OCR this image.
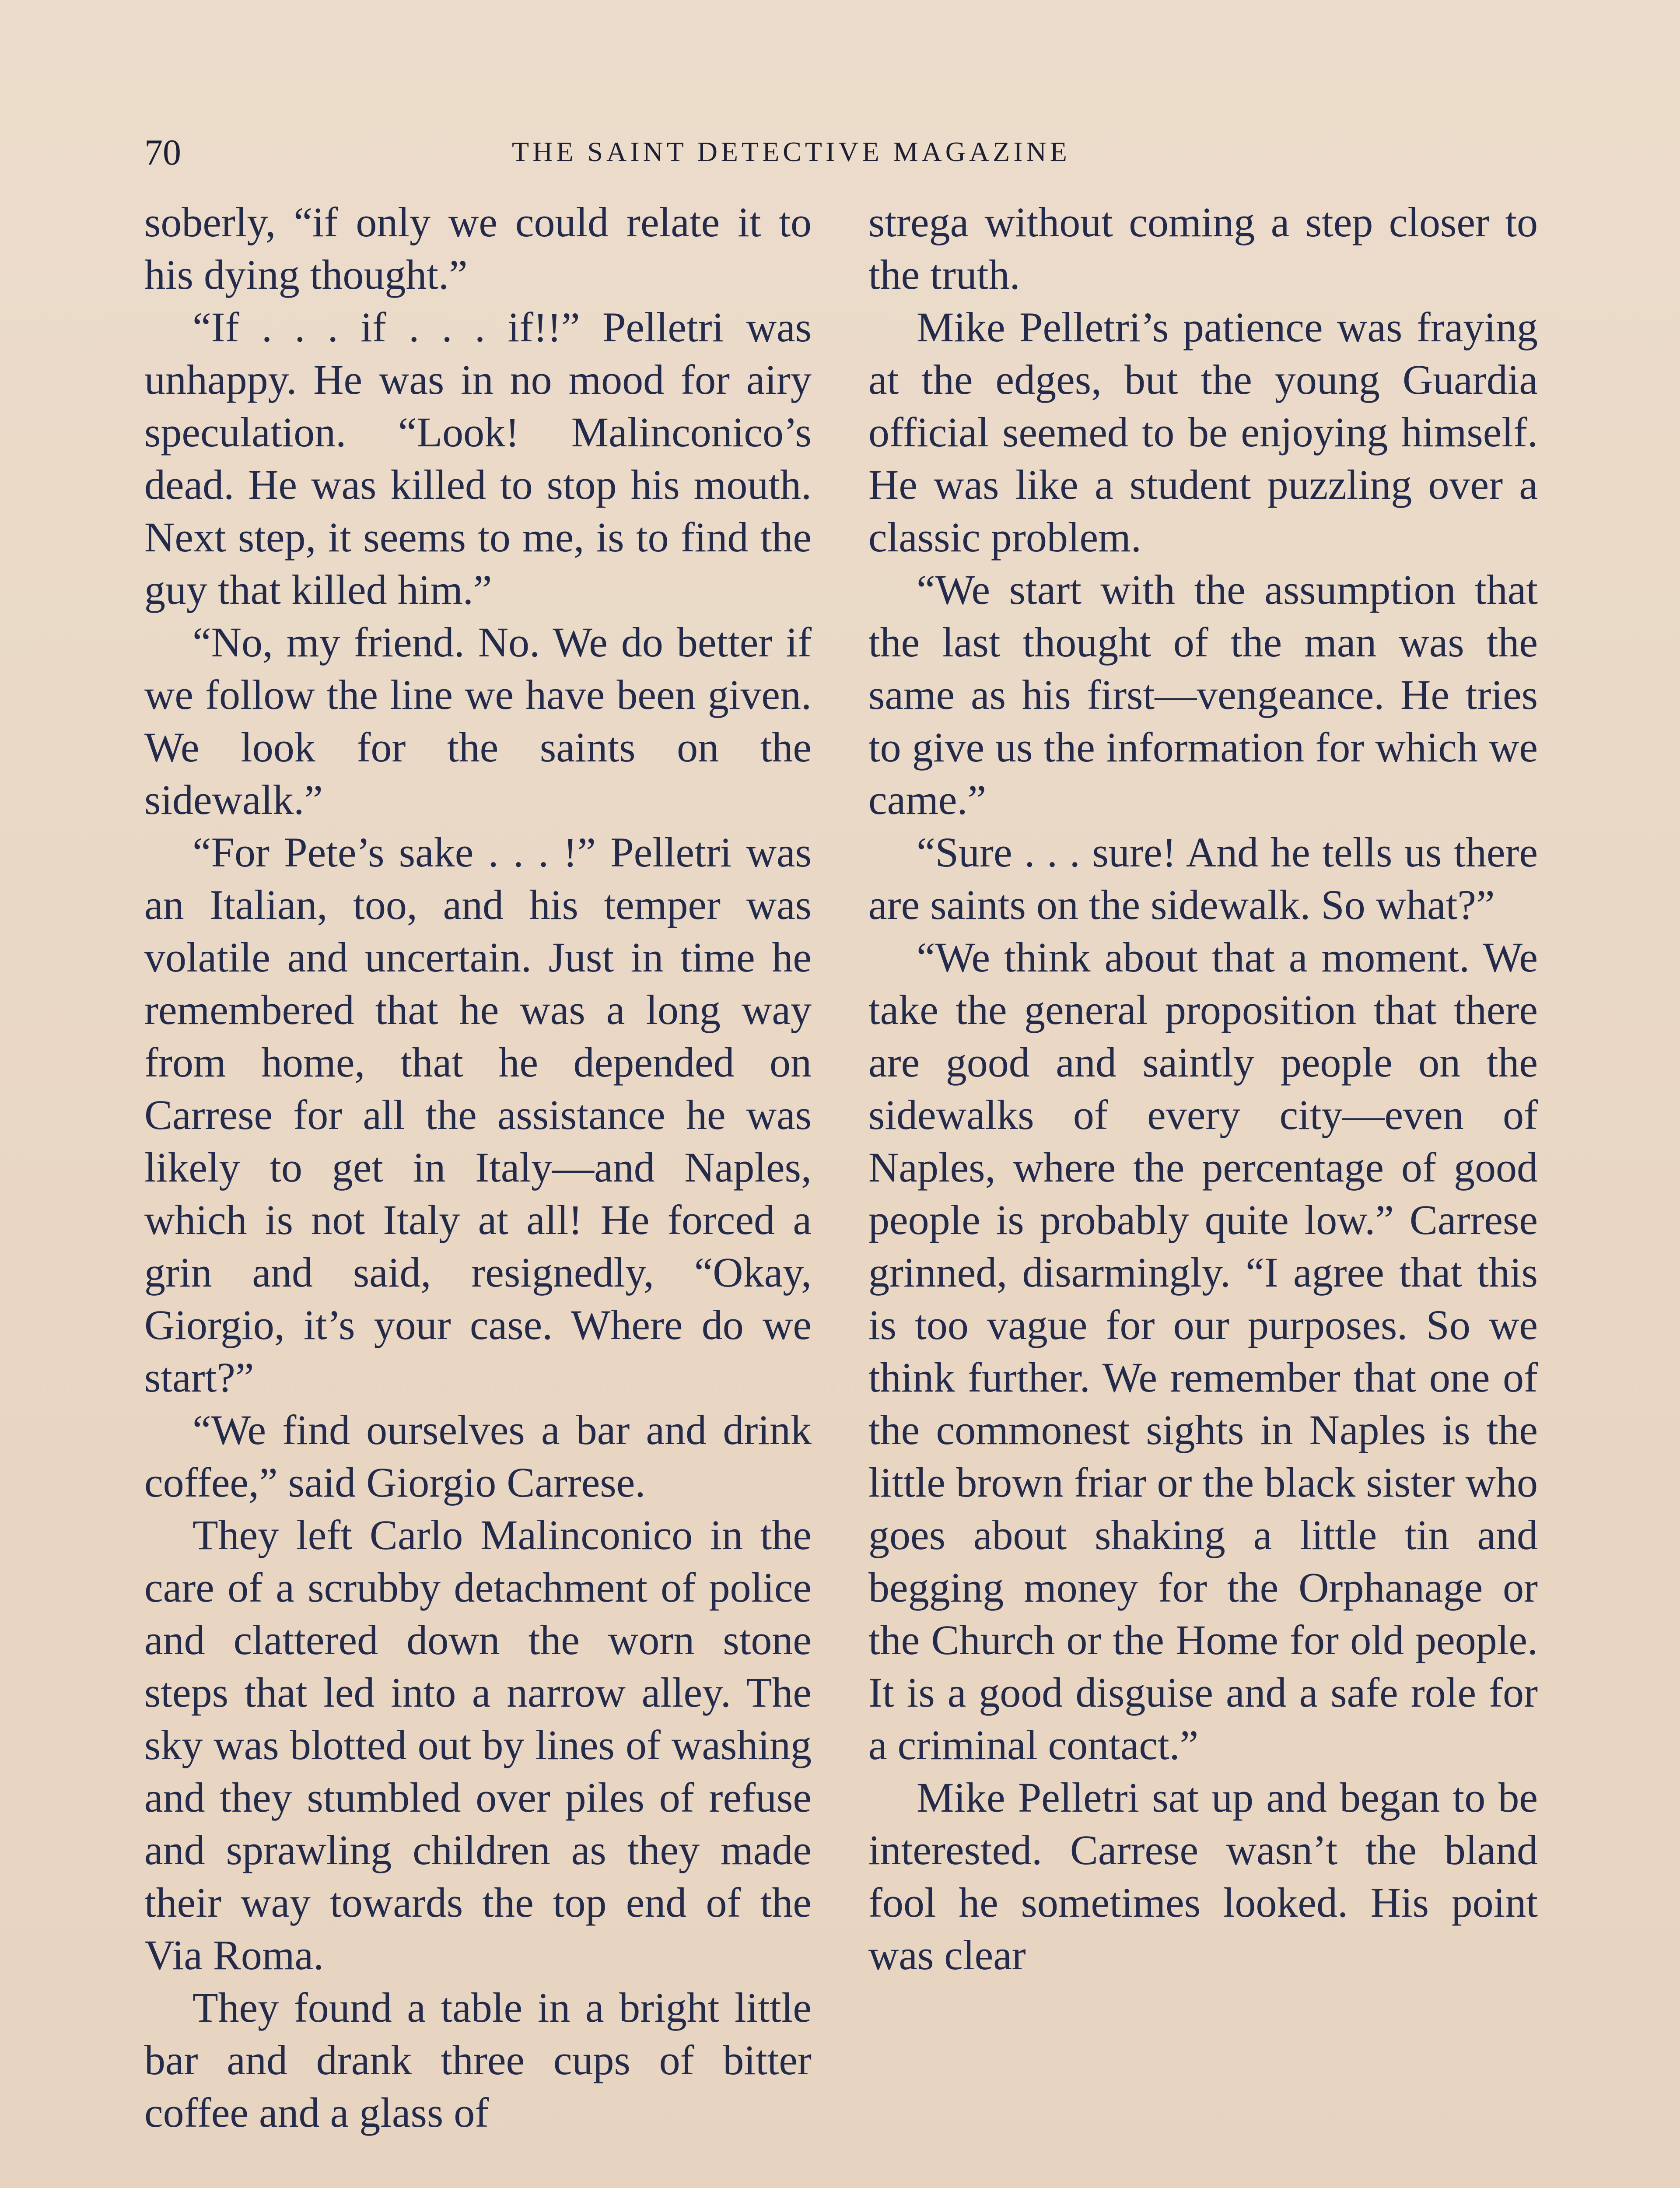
70	THE SAINT DETECTIVE MAGAZINE

soberly, “if only we could relate it to his dying thought.”

“If . . . if . . . if!!” Pelletri was unhappy. He was in no mood for airy speculation. “Look! Malinconico’s dead. He was killed to stop his mouth. Next step, it seems to me, is to find the guy that killed him.”

“No, my friend. No. We do better if we follow the line we have been given. We look for the saints on the sidewalk.”

“For Pete’s sake . . . !” Pelletri was an Italian, too, and his temper was volatile and uncertain. Just in time he remembered that he was a long way from home, that he depended on Carrese for all the assistance he was likely to get in Italy—and Naples, which is not Italy at all! He forced a grin and said, resignedly, “Okay, Giorgio, it’s your case. Where do we start?”

“We find ourselves a bar and drink coffee,” said Giorgio Carrese.

They left Carlo Malinconico in the care of a scrubby detachment of police and clattered down the worn stone steps that led into a narrow alley. The sky was blotted out by lines of washing and they stumbled over piles of refuse and sprawling children as they made their way towards the top end of the Via Roma.

They found a table in a bright little bar and drank three cups of bitter coffee and a glass of

strega without coming a step closer to the truth.

Mike Pelletri’s patience was fraying at the edges, but the young Guardia official seemed to be enjoying himself. He was like a student puzzling over a classic problem.

“We start with the assumption that the last thought of the man was the same as his first—vengeance. He tries to give us the information for which we came.”

“Sure . . . sure! And he tells us there are saints on the sidewalk. So what?”

“We think about that a moment. We take the general proposition that there are good and saintly people on the sidewalks of every city—even of Naples, where the percentage of good people is probably quite low.” Carrese grinned, disarmingly. “I agree that this is too vague for our purposes. So we think further. We remember that one of the commonest sights in Naples is the little brown friar or the black sister who goes about shaking a little tin and begging money for the Orphanage or the Church or the Home for old people. It is a good disguise and a safe role for a criminal contact.”

Mike Pelletri sat up and began to be interested. Carrese wasn’t the bland fool he sometimes looked. His point was clear
